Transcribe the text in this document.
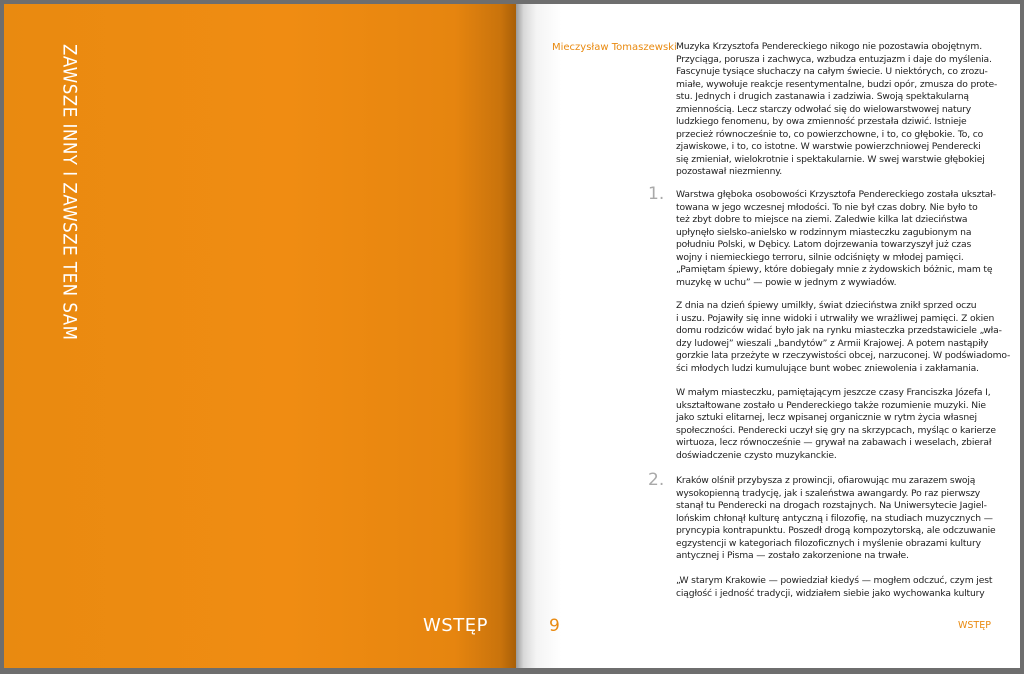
ZAWSZE INNY I ZAWSZE TEN SAM
WSTĘP
Mieczysław Tomaszewski Muzyka Krzysztofa Pendereckiego nikogo nie pozostawia obojętnym.
Przyciąga, porusza i zachwyca, wzbudza entuzjazm i daje do myślenia.
Fascynuje tysiące słuchaczy na całym świecie. U niektórych, co zrozu-
miałe, wywołuje reakcje resentymentalne, budzi opór, zmusza do prote-
stu. Jednych i drugich zastanawia i zadziwia. Swoją spektakularną
zmiennością. Lecz starczy odwołać się do wielowarstwowej natury
ludzkiego fenomenu, by owa zmienność przestała dziwić. Istnieje
przecież równocześnie to, co powierzchowne, i to, co głębokie. To, co
zjawiskowe, i to, co istotne. W warstwie powierzchniowej Penderecki
się zmieniał, wielokrotnie i spektakularnie. W swej warstwie głębokiej
pozostawał niezmienny.
1. Warstwa głęboka osobowości Krzysztofa Pendereckiego została ukształ-
towana w jego wczesnej młodości. To nie był czas dobry. Nie było to
też zbyt dobre to miejsce na ziemi. Zaledwie kilka lat dzieciństwa
upłynęło sielsko-anielsko w rodzinnym miasteczku zagubionym na
południu Polski, w Dębicy. Latom dojrzewania towarzyszył już czas
wojny i niemieckiego terroru, silnie odciśnięty w młodej pamięci.
„Pamiętam śpiewy, które dobiegały mnie z żydowskich bóżnic, mam tę
muzykę w uchu” — powie w jednym z wywiadów.
Z dnia na dzień śpiewy umilkły, świat dzieciństwa znikł sprzed oczu
i uszu. Pojawiły się inne widoki i utrwaliły we wrażliwej pamięci. Z okien
domu rodziców widać było jak na rynku miasteczka przedstawiciele „wła-
dzy ludowej” wieszali „bandytów” z Armii Krajowej. A potem nastąpiły
gorzkie lata przeżyte w rzeczywistości obcej, narzuconej. W podświadomo-
ści młodych ludzi kumulujące bunt wobec zniewolenia i zakłamania.
W małym miasteczku, pamiętającym jeszcze czasy Franciszka Józefa I,
ukształtowane zostało u Pendereckiego także rozumienie muzyki. Nie
jako sztuki elitarnej, lecz wpisanej organicznie w rytm życia własnej
społeczności. Penderecki uczył się gry na skrzypcach, myśląc o karierze
wirtuoza, lecz równocześnie — grywał na zabawach i weselach, zbierał
doświadczenie czysto muzykanckie.
2. Kraków olśnił przybysza z prowincji, ofiarowując mu zarazem swoją
wysokopienną tradycję, jak i szaleństwa awangardy. Po raz pierwszy
stanął tu Penderecki na drogach rozstajnych. Na Uniwersytecie Jagiel-
lońskim chłonął kulturę antyczną i filozofię, na studiach muzycznych —
pryncypia kontrapunktu. Poszedł drogą kompozytorską, ale odczuwanie
egzystencji w kategoriach filozoficznych i myślenie obrazami kultury
antycznej i Pisma — zostało zakorzenione na trwałe.
„W starym Krakowie — powiedział kiedyś — mogłem odczuć, czym jest
ciągłość i jedność tradycji, widziałem siebie jako wychowanka kultury
9	WSTĘP
